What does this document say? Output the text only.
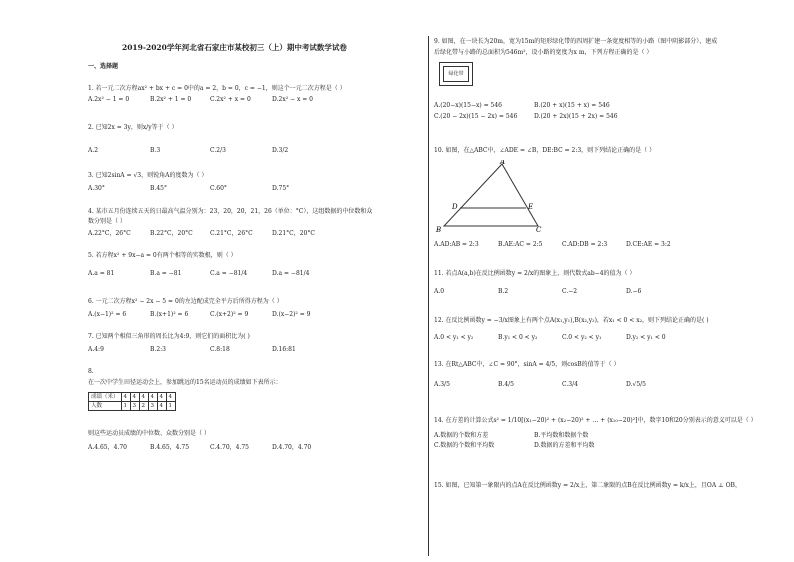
2019-2020学年河北省石家庄市某校初三（上）期中考试数学试卷
一、选择题
1. 若一元二次方程ax² + bx + c = 0中的a = 2，b = 0，c = −1，则这个一元二次方程是（ ）
A.2x² − 1 = 0	B.2x² + 1 = 0	C.2x² + x = 0	D.2x² − x = 0
2. 已知2x = 3y，则x/y等于（ ）
A.2	B.3	C.2/3	D.3/2
3. 已知2sinA = √3，则锐角A的度数为（ ）
A.30°	B.45°	C.60°	D.75°
4. 某市五月份连续五天的日最高气温分别为：23，20，20，21，26（单位：°C），这组数据的中位数和众
数分别是（ ）
A.22°C，26°C	B.22°C，20°C	C.21°C，26°C	D.21°C，20°C
5. 若方程x² + 9x−a = 0有两个相等的实数根，则（ ）
A.a = 81	B.a = −81	C.a = −81/4	D.a = −81/4
6. 一元二次方程x² − 2x − 5 = 0的左边配成完全平方后所得方程为（ ）
A.(x−1)² = 6	B.(x+1)² = 6	C.(x+2)² = 9	D.(x−2)² = 9
7. 已知两个相似三角形的周长比为4:9，则它们的面积比为( )
A.4:9	B.2:3	C.8:18	D.16:81
8.
在一次中学生田径运动会上，参加跳远的15名运动员的成绩如下表所示：
成绩（米）	4	4	4	4	4	4
人数	1	3	2	3	4	1
则这些运动员成绩的中位数、众数分别是（ ）
A.4.65，4.70	B.4.65，4.75	C.4.70，4.75	D.4.70，4.70
9. 如图，在一块长为20m，宽为15m的矩形绿化带的四周扩建一条宽度相等的小路（图中阴影部分），建成
后绿化带与小路的总面积为546m²，设小路的宽度为x m，下列方程正确的是（ ）
绿化带
A.(20−x)(15−x) = 546	B.(20 + x)(15 + x) = 546
C.(20 − 2x)(15 − 2x) = 546	D.(20 + 2x)(15 + 2x) = 546
10. 如图，在△ABC中，∠ADE = ∠B，DE:BC = 2:3，则下列结论正确的是（ ）
A
D	E
B	C
A.AD:AB = 2:3	B.AE:AC = 2:5	C.AD:DB = 2:3	D.CE:AE = 3:2
11. 若点A(a,b)在反比例函数y = 2/x的图象上，则代数式ab−4的值为（ ）
A.0	B.2	C.−2	D.−6
12. 在反比例函数y = −3/x图象上有两个点A(x₁,y₁),B(x₂,y₂)，若x₁ < 0 < x₂，则下列结论正确的是( )
A.0 < y₁ < y₂	B.y₁ < 0 < y₂	C.0 < y₂ < y₁	D.y₂ < y₁ < 0
13. 在Rt△ABC中，∠C = 90°，sinA = 4/5，则cosB的值等于（ ）
A.3/5	B.4/5	C.3/4	D.√5/5
14. 在方差的计算公式s² = 1/10[(x₁−20)² + (x₂−20)² + … + (x₁₀−20)²]中，数字10和20分别表示的意义可以是（ ）
A.数据的个数和方差	B.平均数和数据个数
C.数据的个数和平均数	D.数据的方差和平均数
15. 如图，已知第一象限内的点A在反比例函数y = 2/x上，第二象限的点B在反比例函数y = k/x上，且OA ⊥ OB，
